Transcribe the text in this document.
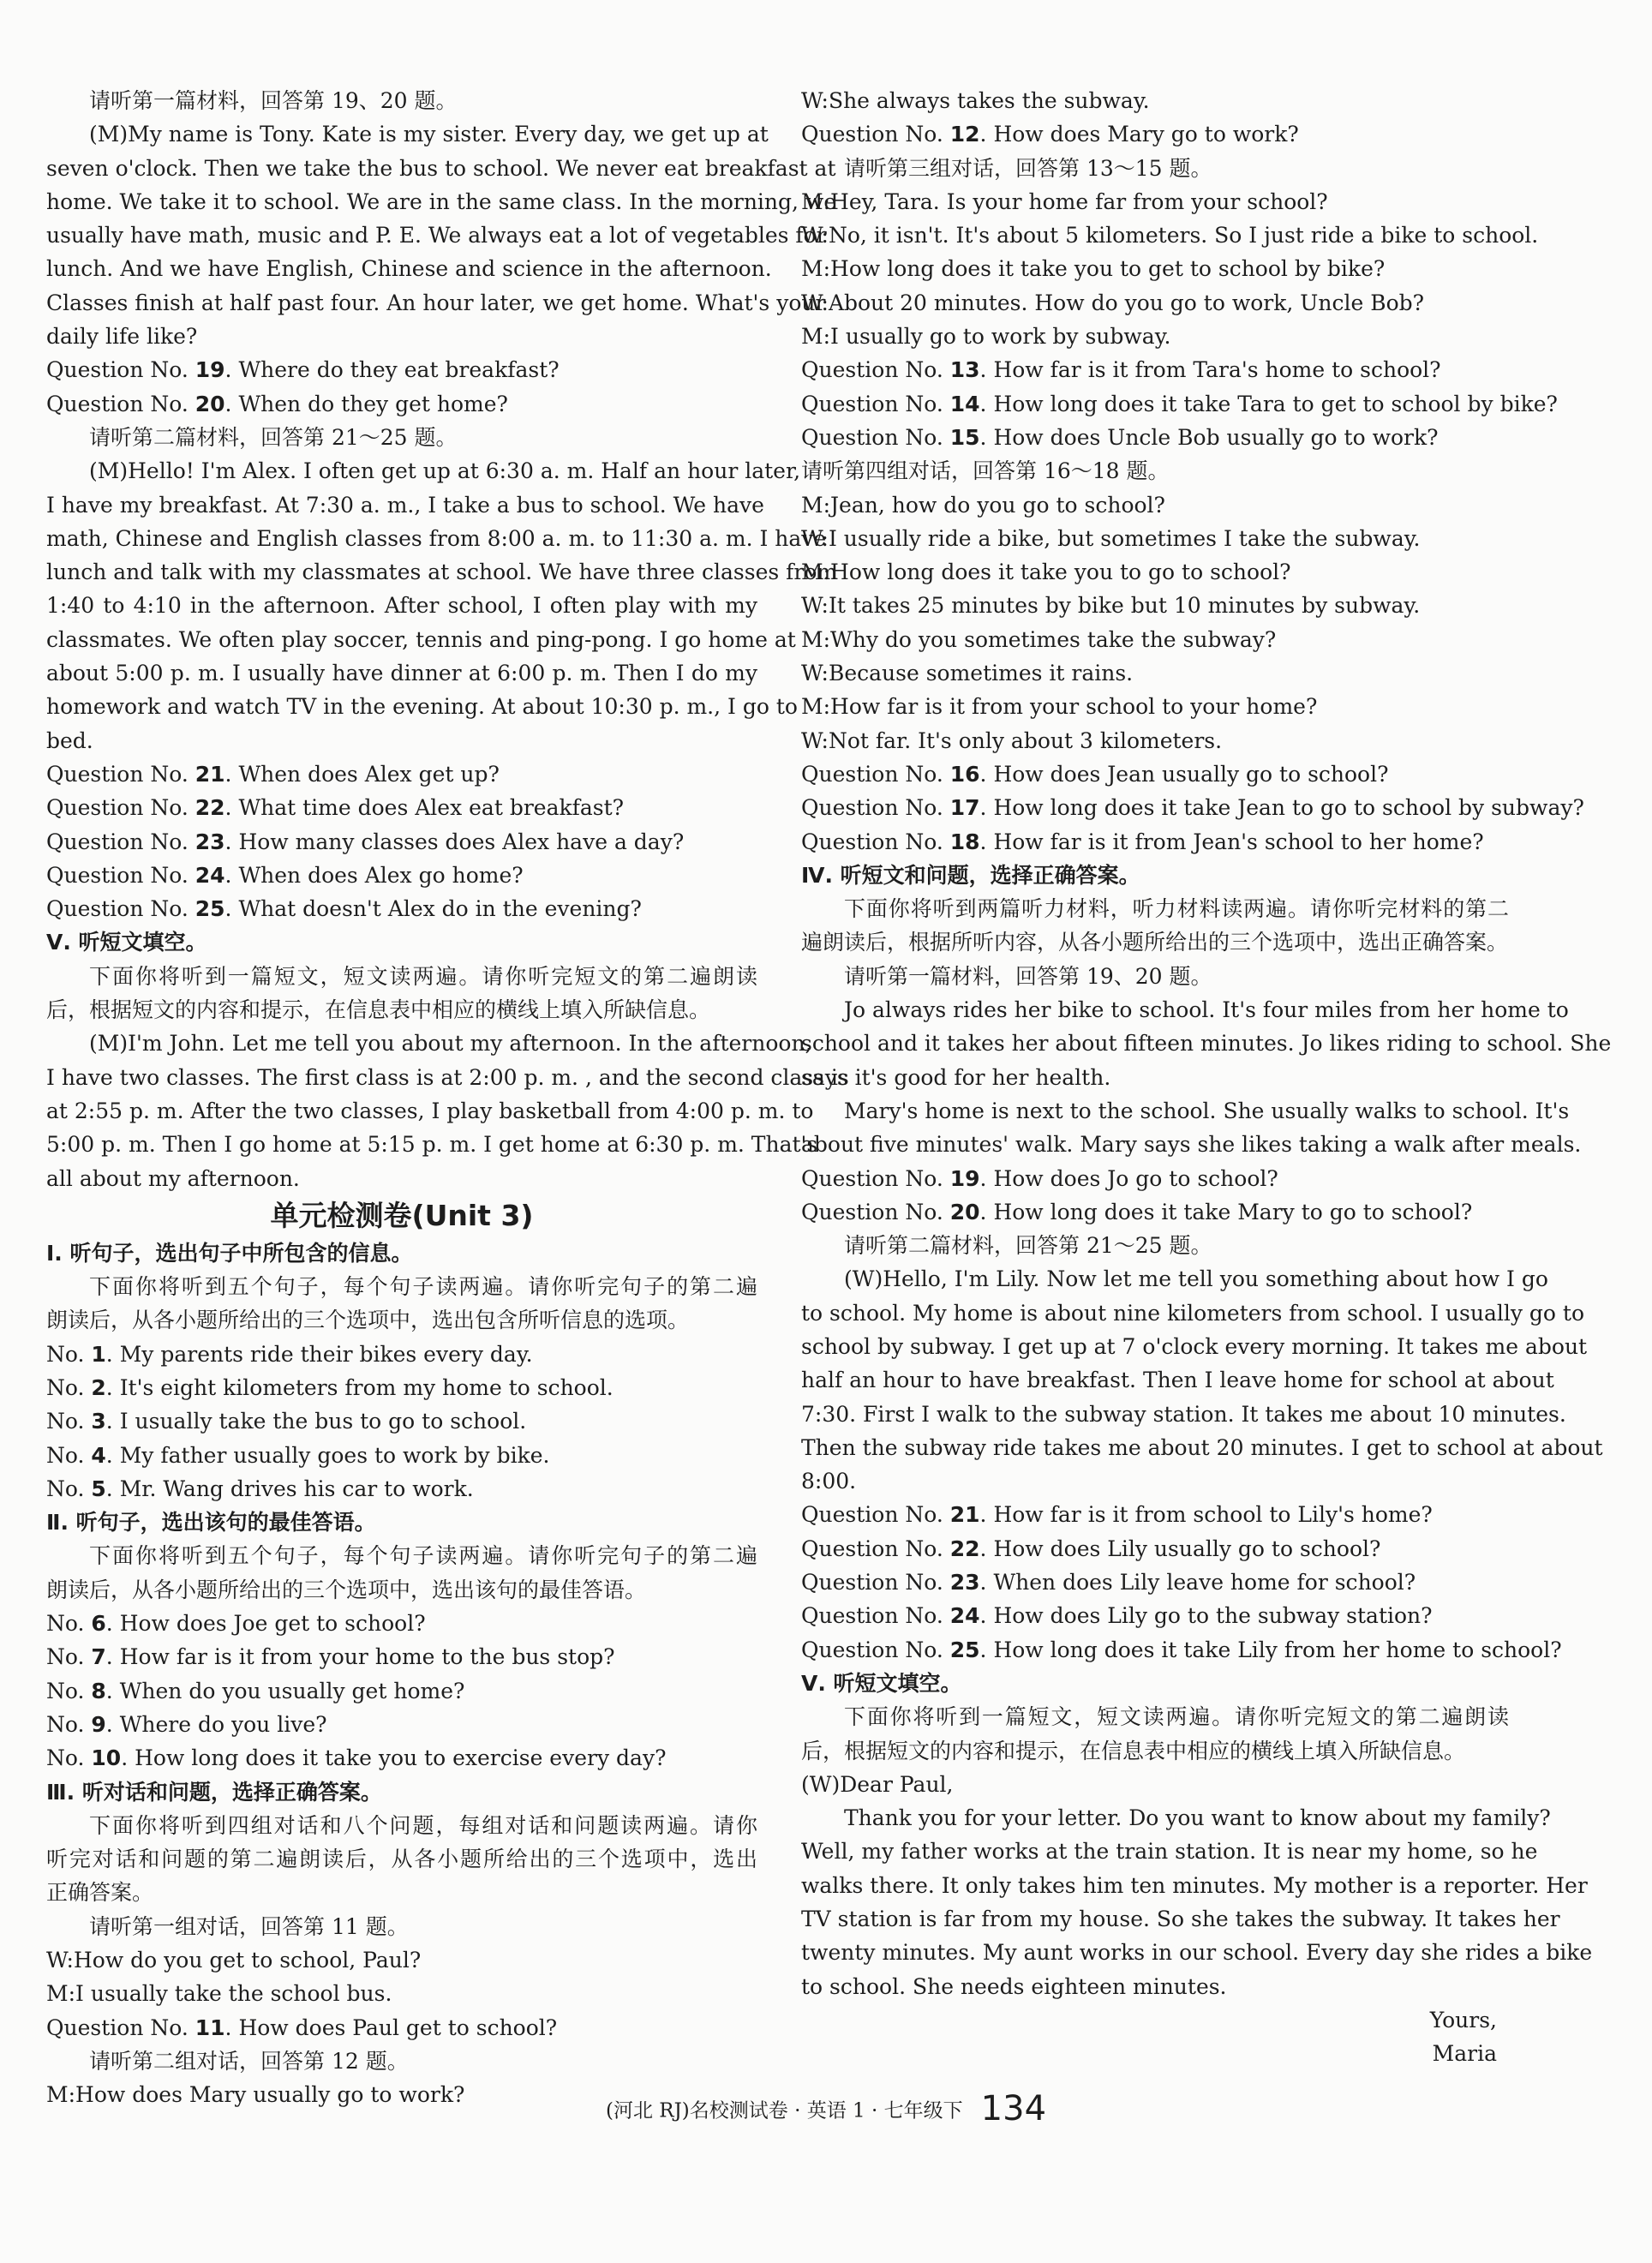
请听第一篇材料，回答第 19、20 题。
(M)My name is Tony. Kate is my sister. Every day, we get up at
seven o'clock. Then we take the bus to school. We never eat breakfast at
home. We take it to school. We are in the same class. In the morning, we
usually have math, music and P. E. We always eat a lot of vegetables for
lunch. And we have English, Chinese and science in the afternoon.
Classes finish at half past four. An hour later, we get home. What's your
daily life like?
Question No. 19. Where do they eat breakfast?
Question No. 20. When do they get home?
请听第二篇材料，回答第 21～25 题。
(M)Hello! I'm Alex. I often get up at 6:30 a. m. Half an hour later,
I have my breakfast. At 7:30 a. m., I take a bus to school. We have
math, Chinese and English classes from 8:00 a. m. to 11:30 a. m. I have
lunch and talk with my classmates at school. We have three classes from
1:40 to 4:10 in the afternoon. After school, I often play with my
classmates. We often play soccer, tennis and ping-pong. I go home at
about 5:00 p. m. I usually have dinner at 6:00 p. m. Then I do my
homework and watch TV in the evening. At about 10:30 p. m., I go to
bed.
Question No. 21. When does Alex get up?
Question No. 22. What time does Alex eat breakfast?
Question No. 23. How many classes does Alex have a day?
Question No. 24. When does Alex go home?
Question No. 25. What doesn't Alex do in the evening?
Ⅴ. 听短文填空。
下面你将听到一篇短文，短文读两遍。请你听完短文的第二遍朗读
后，根据短文的内容和提示，在信息表中相应的横线上填入所缺信息。
(M)I'm John. Let me tell you about my afternoon. In the afternoon,
I have two classes. The first class is at 2:00 p. m. , and the second class is
at 2:55 p. m. After the two classes, I play basketball from 4:00 p. m. to
5:00 p. m. Then I go home at 5:15 p. m. I get home at 6:30 p. m. That's
all about my afternoon.
单元检测卷(Unit 3)
Ⅰ. 听句子，选出句子中所包含的信息。
下面你将听到五个句子，每个句子读两遍。请你听完句子的第二遍
朗读后，从各小题所给出的三个选项中，选出包含所听信息的选项。
No. 1. My parents ride their bikes every day.
No. 2. It's eight kilometers from my home to school.
No. 3. I usually take the bus to go to school.
No. 4. My father usually goes to work by bike.
No. 5. Mr. Wang drives his car to work.
Ⅱ. 听句子，选出该句的最佳答语。
下面你将听到五个句子，每个句子读两遍。请你听完句子的第二遍
朗读后，从各小题所给出的三个选项中，选出该句的最佳答语。
No. 6. How does Joe get to school?
No. 7. How far is it from your home to the bus stop?
No. 8. When do you usually get home?
No. 9. Where do you live?
No. 10. How long does it take you to exercise every day?
Ⅲ. 听对话和问题，选择正确答案。
下面你将听到四组对话和八个问题，每组对话和问题读两遍。请你
听完对话和问题的第二遍朗读后，从各小题所给出的三个选项中，选出
正确答案。
请听第一组对话，回答第 11 题。
W:How do you get to school, Paul?
M:I usually take the school bus.
Question No. 11. How does Paul get to school?
请听第二组对话，回答第 12 题。
M:How does Mary usually go to work?
W:She always takes the subway.
Question No. 12. How does Mary go to work?
请听第三组对话，回答第 13～15 题。
M:Hey, Tara. Is your home far from your school?
W:No, it isn't. It's about 5 kilometers. So I just ride a bike to school.
M:How long does it take you to get to school by bike?
W:About 20 minutes. How do you go to work, Uncle Bob?
M:I usually go to work by subway.
Question No. 13. How far is it from Tara's home to school?
Question No. 14. How long does it take Tara to get to school by bike?
Question No. 15. How does Uncle Bob usually go to work?
请听第四组对话，回答第 16～18 题。
M:Jean, how do you go to school?
W:I usually ride a bike, but sometimes I take the subway.
M:How long does it take you to go to school?
W:It takes 25 minutes by bike but 10 minutes by subway.
M:Why do you sometimes take the subway?
W:Because sometimes it rains.
M:How far is it from your school to your home?
W:Not far. It's only about 3 kilometers.
Question No. 16. How does Jean usually go to school?
Question No. 17. How long does it take Jean to go to school by subway?
Question No. 18. How far is it from Jean's school to her home?
Ⅳ. 听短文和问题，选择正确答案。
下面你将听到两篇听力材料，听力材料读两遍。请你听完材料的第二
遍朗读后，根据所听内容，从各小题所给出的三个选项中，选出正确答案。
请听第一篇材料，回答第 19、20 题。
Jo always rides her bike to school. It's four miles from her home to
school and it takes her about fifteen minutes. Jo likes riding to school. She
says it's good for her health.
Mary's home is next to the school. She usually walks to school. It's
about five minutes' walk. Mary says she likes taking a walk after meals.
Question No. 19. How does Jo go to school?
Question No. 20. How long does it take Mary to go to school?
请听第二篇材料，回答第 21～25 题。
(W)Hello, I'm Lily. Now let me tell you something about how I go
to school. My home is about nine kilometers from school. I usually go to
school by subway. I get up at 7 o'clock every morning. It takes me about
half an hour to have breakfast. Then I leave home for school at about
7:30. First I walk to the subway station. It takes me about 10 minutes.
Then the subway ride takes me about 20 minutes. I get to school at about
8:00.
Question No. 21. How far is it from school to Lily's home?
Question No. 22. How does Lily usually go to school?
Question No. 23. When does Lily leave home for school?
Question No. 24. How does Lily go to the subway station?
Question No. 25. How long does it take Lily from her home to school?
Ⅴ. 听短文填空。
下面你将听到一篇短文，短文读两遍。请你听完短文的第二遍朗读
后，根据短文的内容和提示，在信息表中相应的横线上填入所缺信息。
(W)Dear Paul,
Thank you for your letter. Do you want to know about my family?
Well, my father works at the train station. It is near my home, so he
walks there. It only takes him ten minutes. My mother is a reporter. Her
TV station is far from my house. So she takes the subway. It takes her
twenty minutes. My aunt works in our school. Every day she rides a bike
to school. She needs eighteen minutes.
Yours,
Maria
(河北 RJ)名校测试卷 · 英语 1 · 七年级下 134
